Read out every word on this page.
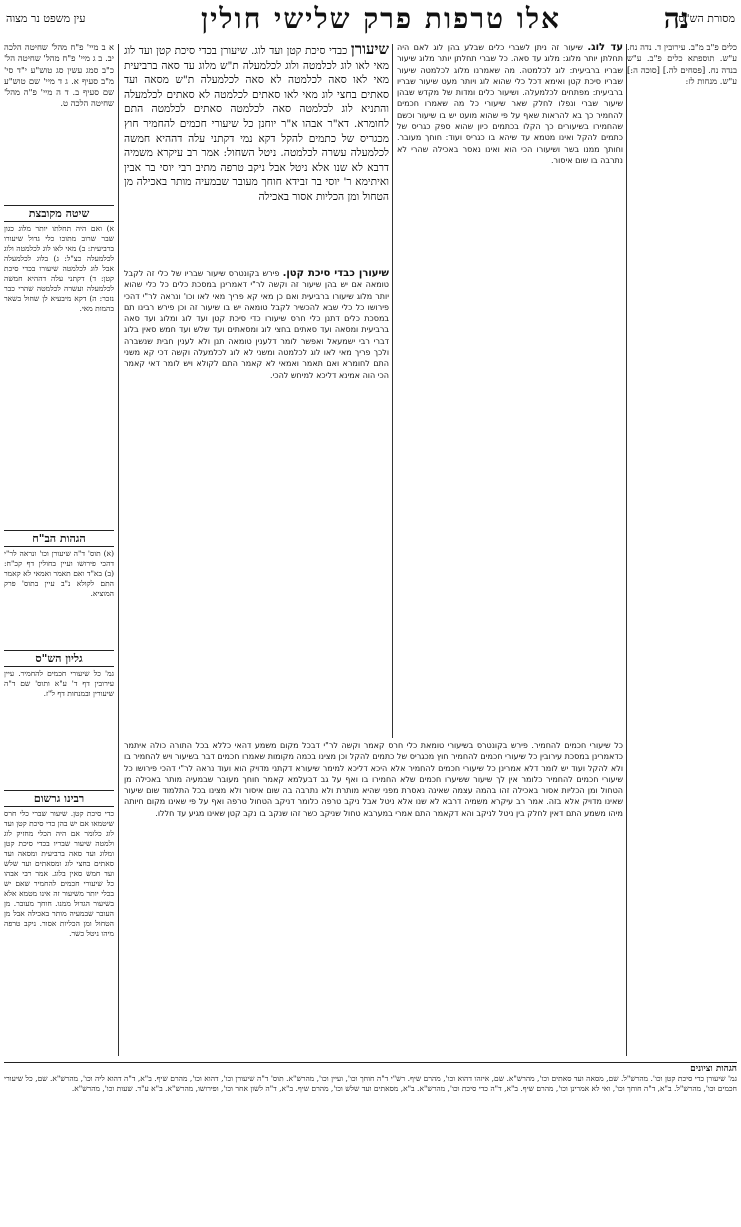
נה
אלו טרפות פרק שלישי חולין
עין משפט נר מצוה	מסורת הש"ס

שיעורן כבדי סיכת קטן ועד לוג. שיעורן בכדי סיכת קטן ועד לוג מאי לאו לוג לכלמטה ולוג לכלמעלה ת"ש מלוג עד סאה ברביעית מאי לאו סאה לכלמטה לא סאה לכלמעלה ת"ש מסאה ועד סאתים בחצי לוג מאי לאו סאתים לכלמטה לא סאתים לכלמעלה והתניא לוג לכלמטה סאה לכלמטה סאתים לכלמטה התם לחומרא. דא"ר אבהו א"ר יוחנן כל שיעורי חכמים להחמיר חוץ מכגריס של כתמים להקל דקא נמי דקתני עלה דההיא חמשה לכלמעלה עשרה לכלמטה. ניטל השחול: אמר רב עיקרא משמיה דרבא לא שנו אלא ניטל אבל ניקב טרפה מתיב רבי יוסי בר אבין ואיתימא ר' יוסי בר זבידא חוחך מעובר שבמעיה מותר באכילה מן הטחול ומן הכליות אסור באכילה

עד לוג. שיעור זה ניתן לשברי כלים שבלע בהן לוג לאם היה תחלתן יותר מלוג: מלוג עד סאה. כל שברי תחלתן יותר מלוג שיעור שבריו ברביעית: לוג לכלמטה. מה שאמרנו מלוג לכלמטה שיעור שבריו סיכת קטן ואימא דכל כלי שהוא לוג ויותר מעט שיעור שבריו ברביעית: מפתחים לכלמעלה. ושיעור כלים ומדות של מקדש שבהן שיעור שברי ונפלו לחלק שאר שיעורי כל מה שאמרו חכמים להחמיר כך בא להראות שאף על פי שהוא מועט יש בו שיעור וכשם שהחמירו בשיעורים כך הקלו בכתמים כיון שהוא ספק כגריס של כתמים להקל ואינו מטמא עד שיהא בו כגריס ועוד: חוחך מעובר. וחותך ממנו בשר ושיעורו הכי הוא ואינו נאסר באכילה שהרי לא נתרבה בו שום איסור.

שיעורן כבדי סיכת קטן. פירש בקונטרס שיעור שבריו של כלי זה לקבל טומאה אם יש בהן שיעור זה וקשה לר"י דאמרינן במסכת כלים כל כלי שהוא יותר מלוג שיעורו ברביעית ואם כן מאי קא פריך מאי לאו וכו' ונראה לר"י דהכי פירושו כל כלי שבא להכשיר לקבל טומאה יש בו שיעור זה וכן פירש רבינו תם במסכת כלים דתנן כלי חרס שיעורו כדי סיכת קטן ועד לוג ומלוג ועד סאה ברביעית ומסאה ועד סאתים בחצי לוג ומסאתים ועד שלש ועד חמש סאין בלוג דברי רבי ישמעאל ואפשר לומר דלענין טומאה תנן ולא לענין חבית שנשברה ולכך פריך מאי לאו לוג לכלמטה ומשני לא לוג לכלמעלה וקשה דכי קא משני התם לחומרא ואם תאמר ואמאי לא קאמר התם לקולא ויש לומר דאי קאמר הכי הוה אמינא דליכא למיחש להכי.

כל שיעורי חכמים להחמיר. פירש בקונטרס בשיעורי טומאת כלי חרס קאמר וקשה לר"י דבכל מקום משמע דהאי כללא בכל התורה כולה איתמר כדאמרינן במסכת עירובין כל שיעורי חכמים להחמיר חוץ מכגריס של כתמים להקל וכן מצינו בכמה מקומות שאמרו חכמים דבר בשיעור ויש להחמיר בו ולא להקל ועוד יש לומר דלא אמרינן כל שיעורי חכמים להחמיר אלא היכא דליכא למימר שיעורא דקתני מדויק הוא ועוד נראה לר"י דהכי פירושו כל שיעורי חכמים להחמיר כלומר אין לך שיעור ששיערו חכמים שלא החמירו בו ואף על גב דבעלמא קאמר חוחך מעובר שבמעיה מותר באכילה מן הטחול ומן הכליות אסור באכילה זהו בהמה עצמה שאינה נאסרת מפני שהיא מותרת ולא נתרבה בה שום איסור ולא מצינו בכל התלמוד שום שיעור שאינו מדויק אלא בזה. אמר רב עיקרא משמיה דרבא לא שנו אלא ניטל אבל ניקב טרפה כלומר דניקב הטחול טרפה ואף על פי שאינו מקום חיותה מיהו משמע התם דאין לחלק בין ניטל לניקב והא דקאמר התם אמרי במערבא טחול שניקב כשר זהו שנקב בו נקב קטן שאינו מגיע עד חללו.

כלים פ"ב מ"ב. עירובין ד. נדה נח. ע"ש. תוספתא כלים פ"ב. ע"ש בנדה נח. [פסחים לה.] [סוכה ה:] ע"ש. מנחות לז:

א ב מיי' פ"ח מהל' שחיטה הלכה יב. ב ג מיי' פ"ח מהל' שחיטה הל' כ"ב סמג עשין סג טוש"ע י"ד סי' מ"ב סעיף א. ג ד מיי' שם טוש"ע שם סעיף ב. ד ה מיי' פ"ה מהל' שחיטה הלכה ט.

שיטה מקובצת
א) ואם היה תחלתו יותר מלוג כגון שבר שרוב מתוכו כלי גדול שיעורו ברביעית: ב) מאי לאו לוג לכלמטה ולוג לכלמעלה כצ"ל: ג) בלוג לכלמעלה אבל לוג לכלמטה שיעורו בכדי סיכת קטן: ד) דקתני עלה דההיא חמשה לכלמעלה ועשרה לכלמטה שהרי כבר נזכר: ה) דקא מיבעיא לן שחול בשאר בהמות מאי.
הגהות הב"ח
(א) תוס' ד"ה שיעורן וכו' ונראה לר"י דהכי פירושו ועיין בחולין דף קכ"ח: (ב) בא"ד ואם תאמר ואמאי לא קאמר התם לקולא נ"ב עיין בתוס' פרק המוציא.
גליון הש"ס
גמ' כל שיעורי חכמים להחמיר. עיין עירובין דף ד' ע"א ותוס' שם ד"ה שיעורין ובמנחות דף ל"ז.
רבינו גרשום
כדי סיכת קטן. שיעור שברי כלי חרס שיטמאו אם יש בהן כדי סיכת קטן ועד לוג כלומר אם היה הכלי מחזיק לוג ולמטה שיעור שבריו בכדי סיכת קטן ומלוג ועד סאה ברביעית ומסאה ועד סאתים בחצי לוג ומסאתים ועד שלש ועד חמש סאין בלוג. אמר רבי אבהו כל שיעורי חכמים להחמיר שאם יש בכלי יותר משיעור זה אינו מטמא אלא בשיעור הגדול ממנו. חוחך מעובר. מן העובר שבמעיה מותר באכילה אבל מן הטחול ומן הכליות אסור. ניקב טרפה מיהו ניטל כשר.
הגהות וציונים
גמ' שיעורן כדי סיכת קטן וכו'. מהרש"ל. שם, מסאה ועד סאתים וכו', מהרש"א. שם, איזהו דהוא וכו', מהרם שיף. רש"י ד"ה חוחך וכו', ועיין וכו', מהרש"א. תוס' ד"ה שיעורן וכו', דהוא וכו', מהרם שיף. ב"א, ד"ה דהוא ליה וכו', מהרש"א. שם, כל שיעורי חכמים וכו', מהרש"ל. ב"א, ד"ה חוחך וכו', ואי לא אמרינן וכו', מהרם שיף. ב"א, ד"ה כדי סיכת וכו', מהרש"א. ב"א, מסאתים ועד שלש וכו', מהרם שיף. ב"א, ד"ה לשון אחר וכו', ופירושו, מהרש"א. ב"א ע"ד. שעות וכו', מהרש"א.
